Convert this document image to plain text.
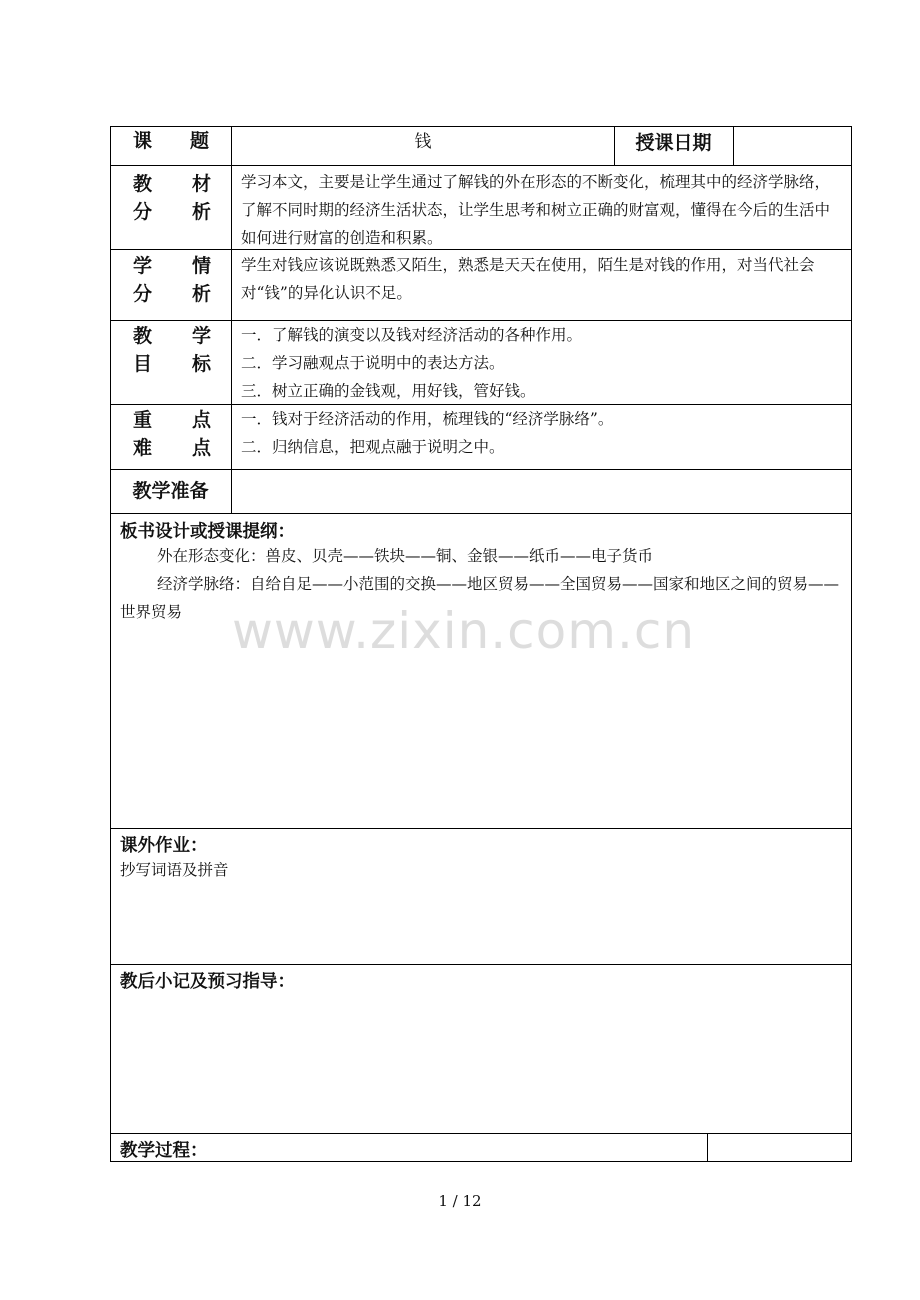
课　题	钱	授课日期
教材
分析
学习本文，主要是让学生通过了解钱的外在形态的不断变化，梳理其中的经济学脉络，了解不同时期的经济生活状态，让学生思考和树立正确的财富观，懂得在今后的生活中如何进行财富的创造和积累。
学情
分析
学生对钱应该说既熟悉又陌生，熟悉是天天在使用，陌生是对钱的作用，对当代社会对“钱”的异化认识不足。
教学
目标
一．了解钱的演变以及钱对经济活动的各种作用。
二．学习融观点于说明中的表达方法。
三．树立正确的金钱观，用好钱，管好钱。
重点
难点
一．钱对于经济活动的作用，梳理钱的“经济学脉络”。
二．归纳信息，把观点融于说明之中。
教学准备
板书设计或授课提纲：
外在形态变化：兽皮、贝壳——铁块——铜、金银——纸币——电子货币
经济学脉络：自给自足——小范围的交换——地区贸易——全国贸易——国家和地区之间的贸易——世界贸易
课外作业：
抄写词语及拼音
教后小记及预习指导：
教学过程：
www.zixin.com.cn
1 / 12
